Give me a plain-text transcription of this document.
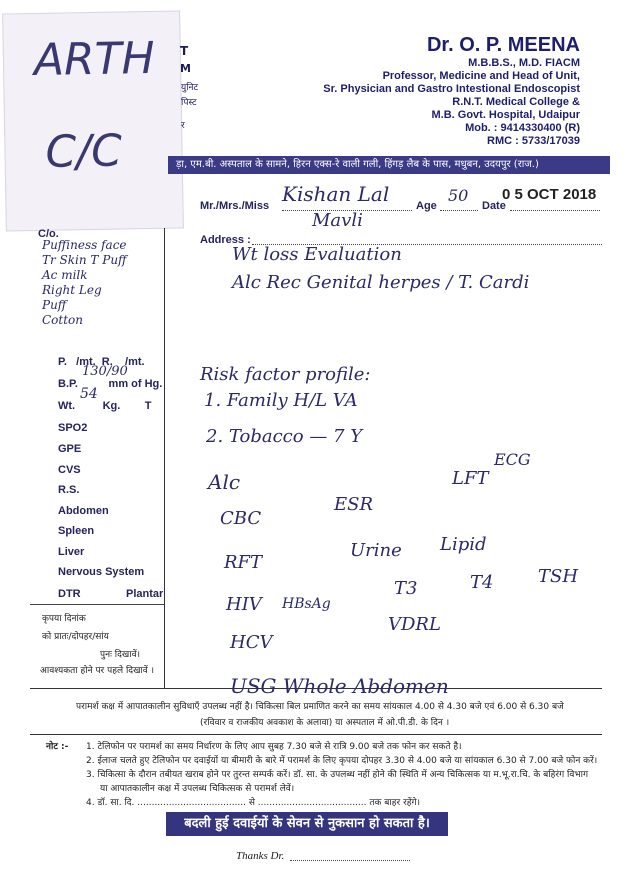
ARTH
C/C
T
M
युनिट
पिस्ट
र
Dr. O. P. MEENA
M.B.B.S., M.D. FIACM
Professor, Medicine and Head of Unit,
Sr. Physician and Gastro Intestional Endoscopist
R.N.T. Medical College &
M.B. Govt. Hospital, Udaipur
Mob. : 9414330400 (R)
RMC : 5733/17039
ड़ा, एम.बी. अस्पताल के सामने, हिरन एक्स-रे वाली गली, हिंगड़ लैब के पास, मधुबन, उदयपुर (राज.)
Mr./Mrs./Miss	Age	Date
0 5 OCT 2018
Address :
Kishan Lal	50
Mavli
C/o.
Puffiness face
Tr Skin T Puff
Ac milk
Right Leg
Puff
Cotton
P.   /mt.  R.    /mt.
B.P.          mm of Hg.
130/90
Wt.         Kg.        T
54
SPO2
GPE
CVS
R.S.
Abdomen
Spleen
Liver
Nervous System
DTR	Plantar
कृपया दिनांक
को प्रातः/दोपहर/सांय
पुनः दिखावें।
आवश्यकता होने पर पहले दिखावें ।
Wt loss Evaluation
Alc Rec Genital herpes / T. Cardi
Risk factor profile:
1. Family H/L VA
2. Tobacco — 7 Y
Alc	LFT
ECG
CBC
ESR
RFT
Urine Lipid
T3	T4 TSH
HIV HBsAg
VDRL
HCV
USG Whole Abdomen
परामर्श कक्ष में आपातकालीन सुविधाएँ उपलब्ध नहीं है। चिकित्सा बिल प्रमाणित करने का समय सांयकाल 4.00 से 4.30 बजे एवं 6.00 से 6.30 बजे
(रविवार व राजकीय अवकाश के अलावा) या अस्पताल में ओ.पी.डी. के दिन ।
नोट :- 1. टेलिफोन पर परामर्श का समय निर्धारण के लिए आप सुबह 7.30 बजे से रात्रि 9.00 बजे तक फोन कर सकते है।
2. ईलाज चलते हुए टेलिफोन पर दवाईयों या बीमारी के बारे में परामर्श के लिए कृपया दोपहर 3.30 से 4.00 बजे या सांयकाल 6.30 से 7.00 बजे फोन करें।
3. चिकित्सा के दौरान तबीयत खराब होने पर तुरन्त सम्पर्क करें। डॉ. सा. के उपलब्ध नहीं होने की स्थिति में अन्य चिकित्सक या म.भू.रा.चि. के बहिरंग विभाग
या आपातकालीन कक्ष में उपलब्ध चिकित्सक से परामर्श लेवें।
4. डॉ. सा. दि. ...................................... से ...................................... तक बाहर रहेंगे।
बदली हुई दवाईयों के सेवन से नुकसान हो सकता है।
Thanks Dr.
